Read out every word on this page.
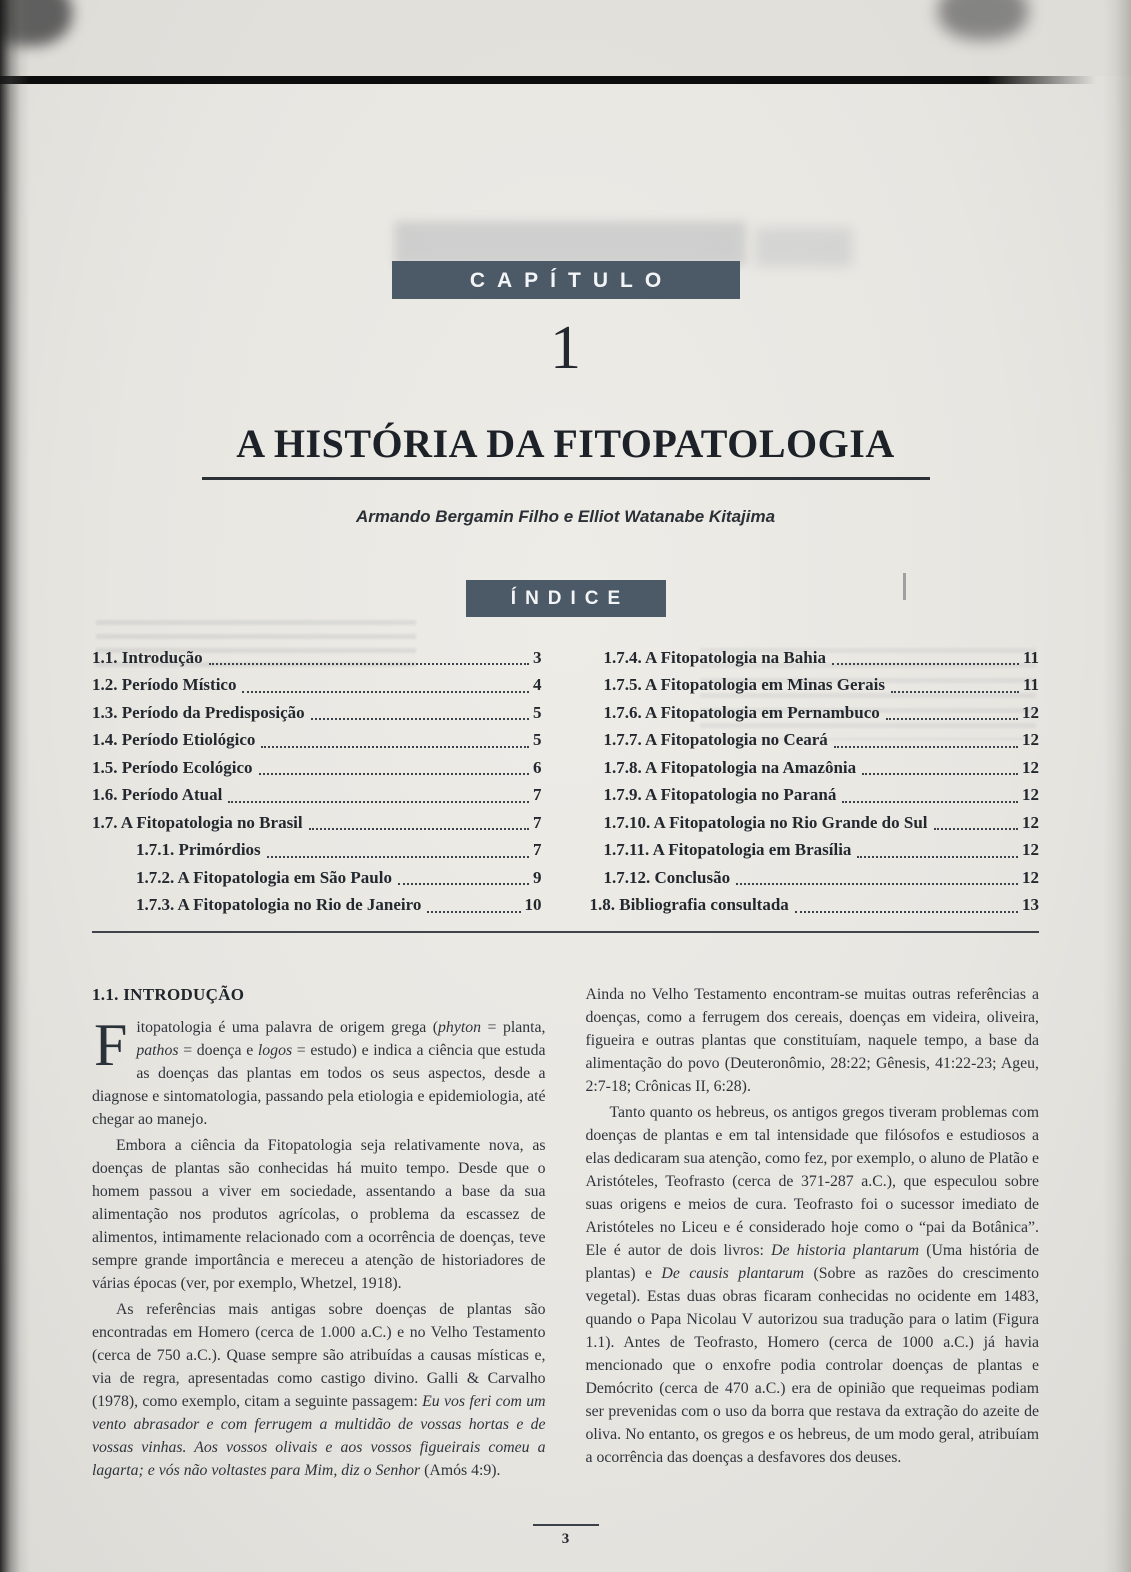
CAPÍTULO
1
A HISTÓRIA DA FITOPATOLOGIA
Armando Bergamin Filho e Elliot Watanabe Kitajima
ÍNDICE
1.1. Introdução	3
1.2. Período Místico	4
1.3. Período da Predisposição	5
1.4. Período Etiológico	5
1.5. Período Ecológico	6
1.6. Período Atual	7
1.7. A Fitopatologia no Brasil	7
1.7.1. Primórdios	7
1.7.2. A Fitopatologia em São Paulo	9
1.7.3. A Fitopatologia no Rio de Janeiro	10
1.7.4. A Fitopatologia na Bahia	11
1.7.5. A Fitopatologia em Minas Gerais	11
1.7.6. A Fitopatologia em Pernambuco	12
1.7.7. A Fitopatologia no Ceará	12
1.7.8. A Fitopatologia na Amazônia	12
1.7.9. A Fitopatologia no Paraná	12
1.7.10. A Fitopatologia no Rio Grande do Sul	12
1.7.11. A Fitopatologia em Brasília	12
1.7.12. Conclusão	12
1.8. Bibliografia consultada	13
1.1. INTRODUÇÃO

Fitopatologia é uma palavra de origem grega (phyton = planta, pathos = doença e logos = estudo) e indica a ciência que estuda as doenças das plantas em todos os seus aspectos, desde a diagnose e sintomatologia, passando pela etiologia e epidemiologia, até chegar ao manejo.

Embora a ciência da Fitopatologia seja relativamente nova, as doenças de plantas são conhecidas há muito tempo. Desde que o homem passou a viver em sociedade, assentando a base da sua alimentação nos produtos agrícolas, o problema da escassez de alimentos, intimamente relacionado com a ocorrência de doenças, teve sempre grande importância e mereceu a atenção de historiadores de várias épocas (ver, por exemplo, Whetzel, 1918).

As referências mais antigas sobre doenças de plantas são encontradas em Homero (cerca de 1.000 a.C.) e no Velho Testamento (cerca de 750 a.C.). Quase sempre são atribuídas a causas místicas e, via de regra, apresentadas como castigo divino. Galli & Carvalho (1978), como exemplo, citam a seguinte passagem: Eu vos feri com um vento abrasador e com ferrugem a multidão de vossas hortas e de vossas vinhas. Aos vossos olivais e aos vossos figueirais comeu a lagarta; e vós não voltastes para Mim, diz o Senhor (Amós 4:9).

Ainda no Velho Testamento encontram-se muitas outras referências a doenças, como a ferrugem dos cereais, doenças em videira, oliveira, figueira e outras plantas que constituíam, naquele tempo, a base da alimentação do povo (Deuteronômio, 28:22; Gênesis, 41:22-23; Ageu, 2:7-18; Crônicas II, 6:28).

Tanto quanto os hebreus, os antigos gregos tiveram problemas com doenças de plantas e em tal intensidade que filósofos e estudiosos a elas dedicaram sua atenção, como fez, por exemplo, o aluno de Platão e Aristóteles, Teofrasto (cerca de 371-287 a.C.), que especulou sobre suas origens e meios de cura. Teofrasto foi o sucessor imediato de Aristóteles no Liceu e é considerado hoje como o “pai da Botânica”. Ele é autor de dois livros: De historia plantarum (Uma história de plantas) e De causis plantarum (Sobre as razões do crescimento vegetal). Estas duas obras ficaram conhecidas no ocidente em 1483, quando o Papa Nicolau V autorizou sua tradução para o latim (Figura 1.1). Antes de Teofrasto, Homero (cerca de 1000 a.C.) já havia mencionado que o enxofre podia controlar doenças de plantas e Demócrito (cerca de 470 a.C.) era de opinião que requeimas podiam ser prevenidas com o uso da borra que restava da extração do azeite de oliva. No entanto, os gregos e os hebreus, de um modo geral, atribuíam a ocorrência das doenças a desfavores dos deuses.

3
